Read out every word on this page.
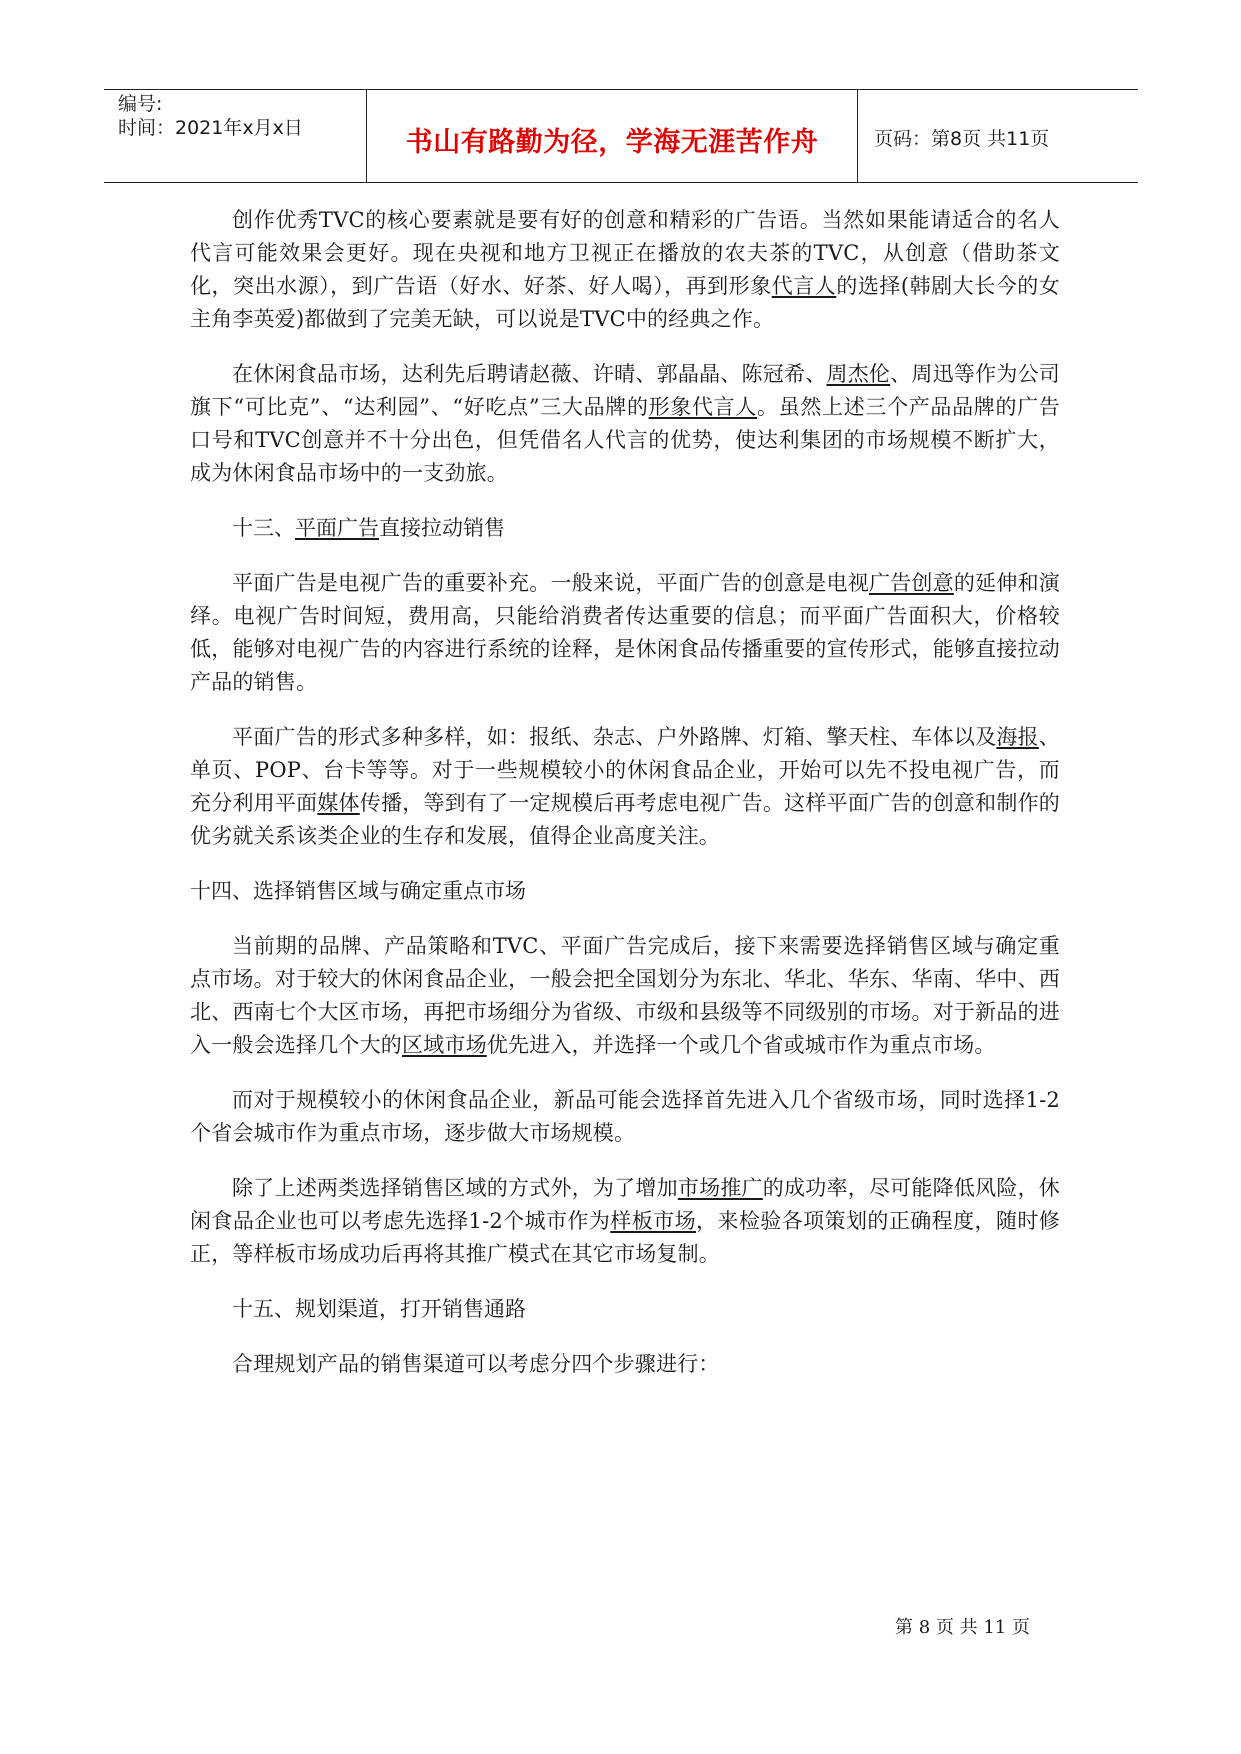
编号:
时间：2021年x月x日	书山有路勤为径，学海无涯苦作舟	页码：第8页 共11页

创作优秀TVC的核心要素就是要有好的创意和精彩的广告语。当然如果能请适合的名人代言可能效果会更好。现在央视和地方卫视正在播放的农夫茶的TVC，从创意（借助茶文化，突出水源），到广告语（好水、好茶、好人喝），再到形象代言人的选择(韩剧大长今的女主角李英爱)都做到了完美无缺，可以说是TVC中的经典之作。

在休闲食品市场，达利先后聘请赵薇、许晴、郭晶晶、陈冠希、周杰伦、周迅等作为公司旗下“可比克”、“达利园”、“好吃点”三大品牌的形象代言人。虽然上述三个产品品牌的广告口号和TVC创意并不十分出色，但凭借名人代言的优势，使达利集团的市场规模不断扩大，成为休闲食品市场中的一支劲旅。

十三、平面广告直接拉动销售

平面广告是电视广告的重要补充。一般来说，平面广告的创意是电视广告创意的延伸和演绎。电视广告时间短，费用高，只能给消费者传达重要的信息；而平面广告面积大，价格较低，能够对电视广告的内容进行系统的诠释，是休闲食品传播重要的宣传形式，能够直接拉动产品的销售。

平面广告的形式多种多样，如：报纸、杂志、户外路牌、灯箱、擎天柱、车体以及海报、单页、POP、台卡等等。对于一些规模较小的休闲食品企业，开始可以先不投电视广告，而充分利用平面媒体传播，等到有了一定规模后再考虑电视广告。这样平面广告的创意和制作的优劣就关系该类企业的生存和发展，值得企业高度关注。

十四、选择销售区域与确定重点市场

当前期的品牌、产品策略和TVC、平面广告完成后，接下来需要选择销售区域与确定重点市场。对于较大的休闲食品企业，一般会把全国划分为东北、华北、华东、华南、华中、西北、西南七个大区市场，再把市场细分为省级、市级和县级等不同级别的市场。对于新品的进入一般会选择几个大的区域市场优先进入，并选择一个或几个省或城市作为重点市场。

而对于规模较小的休闲食品企业，新品可能会选择首先进入几个省级市场，同时选择1-2个省会城市作为重点市场，逐步做大市场规模。

除了上述两类选择销售区域的方式外，为了增加市场推广的成功率，尽可能降低风险，休闲食品企业也可以考虑先选择1-2个城市作为样板市场，来检验各项策划的正确程度，随时修正，等样板市场成功后再将其推广模式在其它市场复制。

十五、规划渠道，打开销售通路

合理规划产品的销售渠道可以考虑分四个步骤进行：

第 8 页 共 11 页
